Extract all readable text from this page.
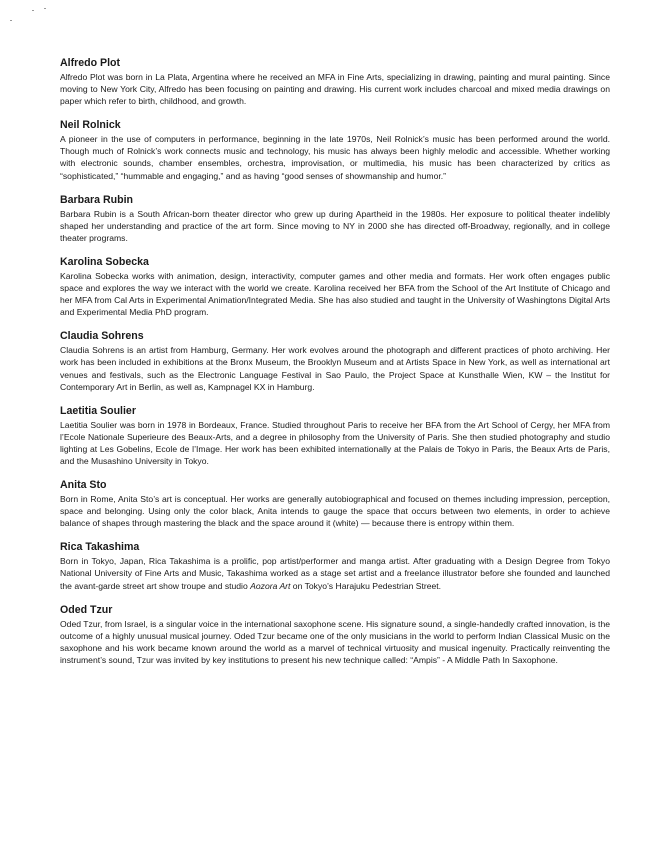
Alfredo Plot

Alfredo Plot was born in La Plata, Argentina where he received an MFA in Fine Arts, specializing in drawing, painting and mural painting. Since moving to New York City, Alfredo has been focusing on painting and drawing. His current work includes charcoal and mixed media drawings on paper which refer to birth, childhood, and growth.

Neil Rolnick

A pioneer in the use of computers in performance, beginning in the late 1970s, Neil Rolnick’s music has been performed around the world. Though much of Rolnick’s work connects music and technology, his music has always been highly melodic and accessible. Whether working with electronic sounds, chamber ensembles, orchestra, improvisation, or multimedia, his music has been characterized by critics as “sophisticated,” “hummable and engaging,” and as having “good senses of showmanship and humor.”

Barbara Rubin

Barbara Rubin is a South African-born theater director who grew up during Apartheid in the 1980s. Her exposure to political theater indelibly shaped her understanding and practice of the art form. Since moving to NY in 2000 she has directed off-Broadway, regionally, and in college theater programs.

Karolina Sobecka

Karolina Sobecka works with animation, design, interactivity, computer games and other media and formats. Her work often engages public space and explores the way we interact with the world we create. Karolina received her BFA from the School of the Art Institute of Chicago and her MFA from Cal Arts in Experimental Animation/Integrated Media. She has also studied and taught in the University of Washingtons Digital Arts and Experimental Media PhD program.

Claudia Sohrens

Claudia Sohrens is an artist from Hamburg, Germany. Her work evolves around the photograph and different practices of photo archiving. Her work has been included in exhibitions at the Bronx Museum, the Brooklyn Museum and at Artists Space in New York, as well as international art venues and festivals, such as the Electronic Language Festival in Sao Paulo, the Project Space at Kunsthalle Wien, KW – the Institut for Contemporary Art in Berlin, as well as, Kampnagel KX in Hamburg.

Laetitia Soulier

Laetitia Soulier was born in 1978 in Bordeaux, France. Studied throughout Paris to receive her BFA from the Art School of Cergy, her MFA from l’Ecole Nationale Superieure des Beaux-Arts, and a degree in philosophy from the University of Paris. She then studied photography and studio lighting at Les Gobelins, Ecole de l’Image. Her work has been exhibited internationally at the Palais de Tokyo in Paris, the Beaux Arts de Paris, and the Musashino University in Tokyo.

Anita Sto

Born in Rome, Anita Sto’s art is conceptual. Her works are generally autobiographical and focused on themes including impression, perception, space and belonging. Using only the color black, Anita intends to gauge the space that occurs between two elements, in order to achieve balance of shapes through mastering the black and the space around it (white) — because there is entropy within them.

Rica Takashima

Born in Tokyo, Japan, Rica Takashima is a prolific, pop artist/performer and manga artist. After graduating with a Design Degree from Tokyo National University of Fine Arts and Music, Takashima worked as a stage set artist and a freelance illustrator before she founded and launched the avant-garde street art show troupe and studio Aozora Art on Tokyo’s Harajuku Pedestrian Street.

Oded Tzur

Oded Tzur, from Israel, is a singular voice in the international saxophone scene. His signature sound, a single-handedly crafted innovation, is the outcome of a highly unusual musical journey. Oded Tzur became one of the only musicians in the world to perform Indian Classical Music on the saxophone and his work became known around the world as a marvel of technical virtuosity and musical ingenuity. Practically reinventing the instrument’s sound, Tzur was invited by key institutions to present his new technique called: “Ampis” - A Middle Path In Saxophone.
